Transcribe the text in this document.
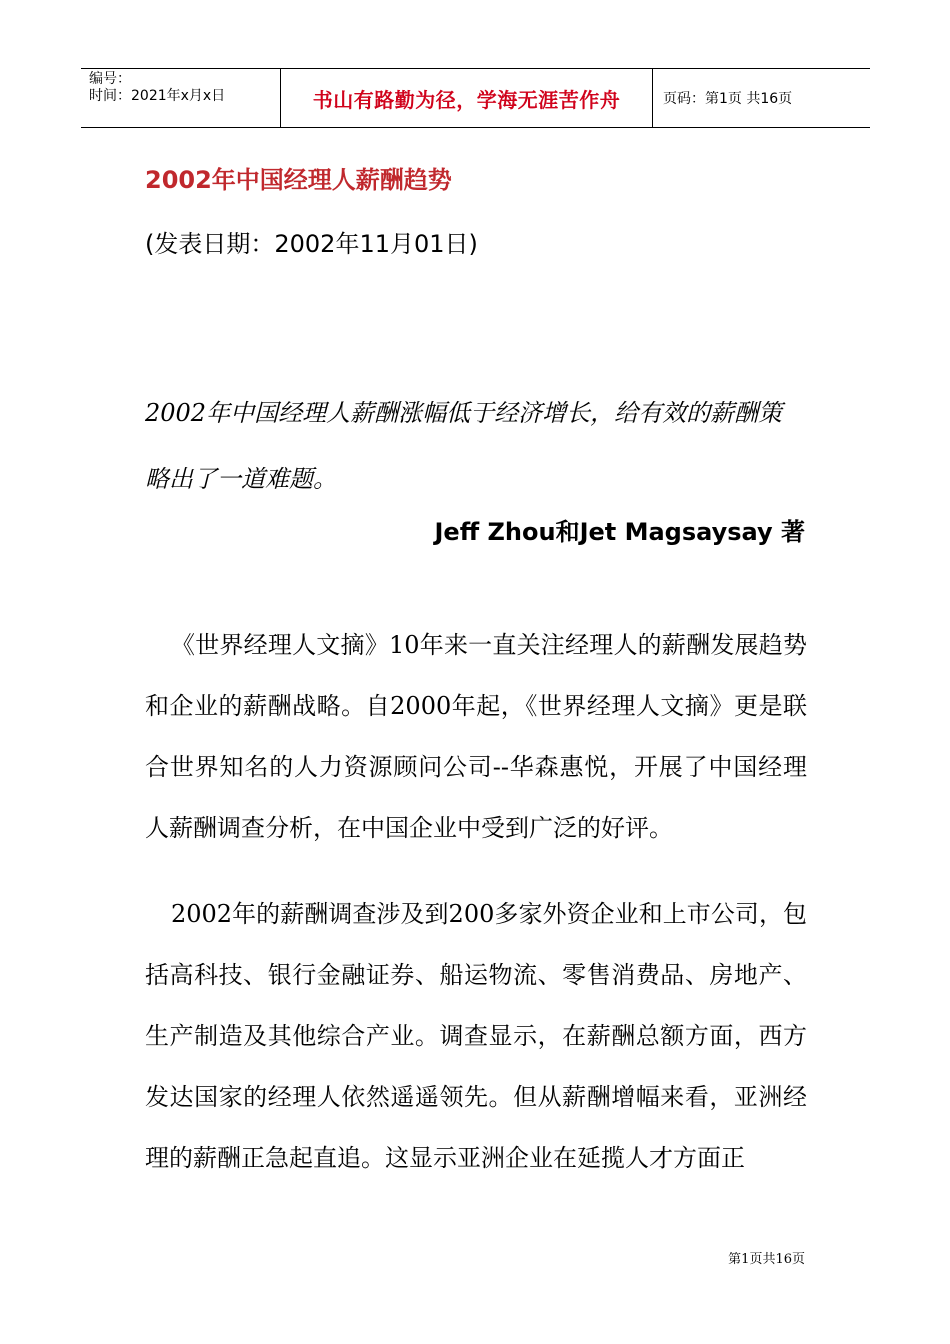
编号：
时间：2021年x月x日	书山有路勤为径，学海无涯苦作舟	页码：第1页 共16页
2002年中国经理人薪酬趋势
(发表日期：2002年11月01日)
2002年中国经理人薪酬涨幅低于经济增长，给有效的薪酬策略出了一道难题。
Jeff Zhou和Jet Magsaysay 著

《世界经理人文摘》10年来一直关注经理人的薪酬发展趋势和企业的薪酬战略。自2000年起，《世界经理人文摘》更是联合世界知名的人力资源顾问公司--华森惠悦，开展了中国经理人薪酬调查分析，在中国企业中受到广泛的好评。

2002年的薪酬调查涉及到200多家外资企业和上市公司，包括高科技、银行金融证券、船运物流、零售消费品、房地产、生产制造及其他综合产业。调查显示，在薪酬总额方面，西方发达国家的经理人依然遥遥领先。但从薪酬增幅来看，亚洲经理的薪酬正急起直追。这显示亚洲企业在延揽人才方面正

第1页共16页
